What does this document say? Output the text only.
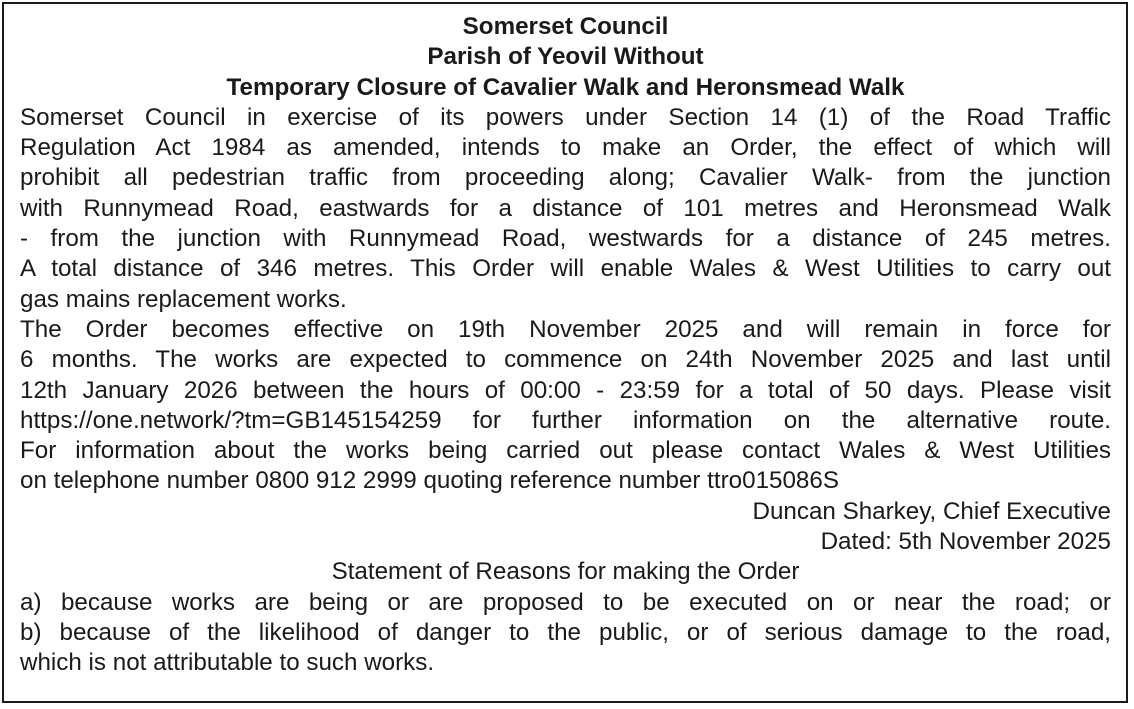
Somerset Council
Parish of Yeovil Without
Temporary Closure of Cavalier Walk and Heronsmead Walk
Somerset Council in exercise of its powers under Section 14 (1) of the Road Traffic
Regulation Act 1984 as amended, intends to make an Order, the effect of which will
prohibit all pedestrian traffic from proceeding along; Cavalier Walk- from the junction
with Runnymead Road, eastwards for a distance of 101 metres and Heronsmead Walk
- from the junction with Runnymead Road, westwards for a distance of 245 metres.
A total distance of 346 metres. This Order will enable Wales & West Utilities to carry out
gas mains replacement works.
The Order becomes effective on 19th November 2025 and will remain in force for
6 months. The works are expected to commence on 24th November 2025 and last until
12th January 2026 between the hours of 00:00 - 23:59 for a total of 50 days. Please visit
https://one.network/?tm=GB145154259 for further information on the alternative route.
For information about the works being carried out please contact Wales & West Utilities
on telephone number 0800 912 2999 quoting reference number ttro015086S
Duncan Sharkey, Chief Executive
Dated: 5th November 2025
Statement of Reasons for making the Order
a) because works are being or are proposed to be executed on or near the road; or
b) because of the likelihood of danger to the public, or of serious damage to the road,
which is not attributable to such works.
